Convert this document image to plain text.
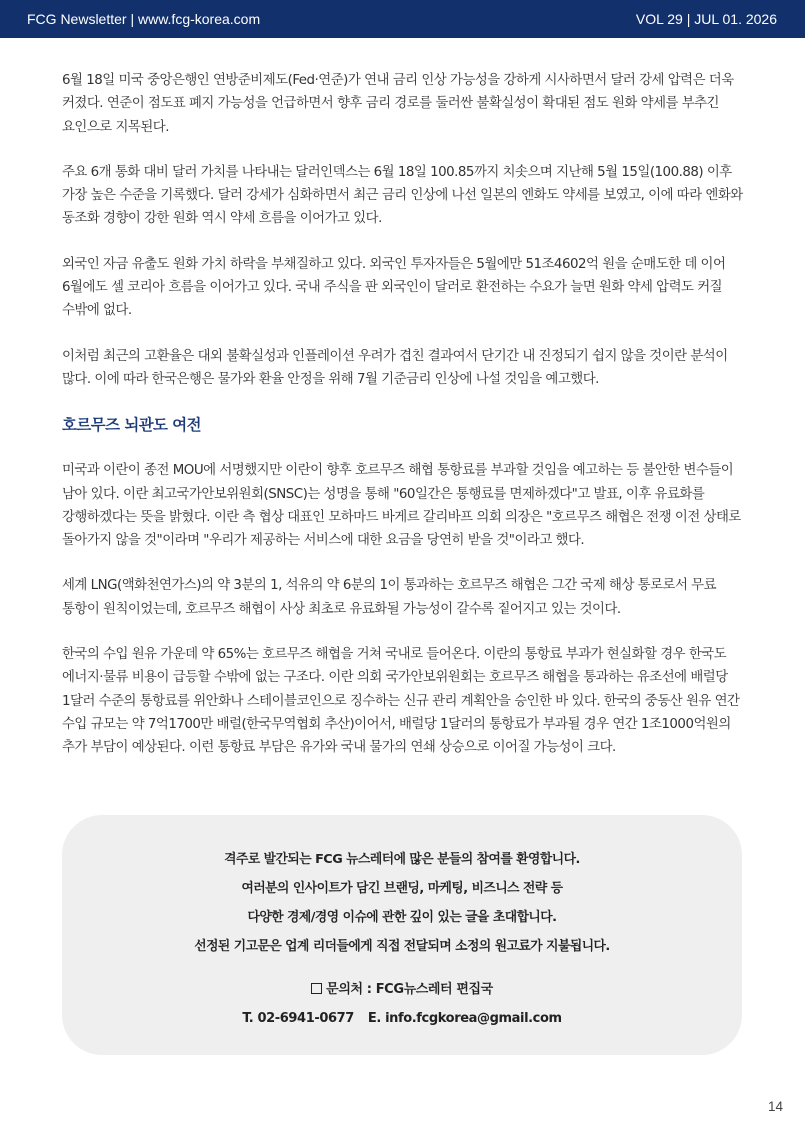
FCG Newsletter | www.fcg-korea.com	VOL 29 | JUL 01. 2026

6월 18일 미국 중앙은행인 연방준비제도(Fed·연준)가 연내 금리 인상 가능성을 강하게 시사하면서 달러 강세 압력은 더욱 커졌다. 연준이 점도표 폐지 가능성을 언급하면서 향후 금리 경로를 둘러싼 불확실성이 확대된 점도 원화 약세를 부추긴 요인으로 지목된다.

주요 6개 통화 대비 달러 가치를 나타내는 달러인덱스는 6월 18일 100.85까지 치솟으며 지난해 5월 15일(100.88) 이후 가장 높은 수준을 기록했다. 달러 강세가 심화하면서 최근 금리 인상에 나선 일본의 엔화도 약세를 보였고, 이에 따라 엔화와 동조화 경향이 강한 원화 역시 약세 흐름을 이어가고 있다.

외국인 자금 유출도 원화 가치 하락을 부채질하고 있다. 외국인 투자자들은 5월에만 51조4602억 원을 순매도한 데 이어 6월에도 셀 코리아 흐름을 이어가고 있다. 국내 주식을 판 외국인이 달러로 환전하는 수요가 늘면 원화 약세 압력도 커질 수밖에 없다.

이처럼 최근의 고환율은 대외 불확실성과 인플레이션 우려가 겹친 결과여서 단기간 내 진정되기 쉽지 않을 것이란 분석이 많다. 이에 따라 한국은행은 물가와 환율 안정을 위해 7월 기준금리 인상에 나설 것임을 예고했다.

호르무즈 뇌관도 여전

미국과 이란이 종전 MOU에 서명했지만 이란이 향후 호르무즈 해협 통항료를 부과할 것임을 예고하는 등 불안한 변수들이 남아 있다. 이란 최고국가안보위원회(SNSC)는 성명을 통해 "60일간은 통행료를 면제하겠다"고 발표, 이후 유료화를 강행하겠다는 뜻을 밝혔다. 이란 측 협상 대표인 모하마드 바게르 갈리바프 의회 의장은 "호르무즈 해협은 전쟁 이전 상태로 돌아가지 않을 것"이라며 "우리가 제공하는 서비스에 대한 요금을 당연히 받을 것"이라고 했다.

세계 LNG(액화천연가스)의 약 3분의 1, 석유의 약 6분의 1이 통과하는 호르무즈 해협은 그간 국제 해상 통로로서 무료 통항이 원칙이었는데, 호르무즈 해협이 사상 최초로 유료화될 가능성이 갈수록 짙어지고 있는 것이다.

한국의 수입 원유 가운데 약 65%는 호르무즈 해협을 거쳐 국내로 들어온다. 이란의 통항료 부과가 현실화할 경우 한국도 에너지·물류 비용이 급등할 수밖에 없는 구조다. 이란 의회 국가안보위원회는 호르무즈 해협을 통과하는 유조선에 배럴당 1달러 수준의 통항료를 위안화나 스테이블코인으로 징수하는 신규 관리 계획안을 승인한 바 있다. 한국의 중동산 원유 연간 수입 규모는 약 7억1700만 배럴(한국무역협회 추산)이어서, 배럴당 1달러의 통항료가 부과될 경우 연간 1조1000억원의 추가 부담이 예상된다. 이런 통항료 부담은 유가와 국내 물가의 연쇄 상승으로 이어질 가능성이 크다.

격주로 발간되는 FCG 뉴스레터에 많은 분들의 참여를 환영합니다.
여러분의 인사이트가 담긴 브랜딩, 마케팅, 비즈니스 전략 등
다양한 경제/경영 이슈에 관한 깊이 있는 글을 초대합니다.
선정된 기고문은 업계 리더들에게 직접 전달되며 소정의 원고료가 지불됩니다.
문의처 : FCG뉴스레터 편집국
T. 02-6941-0677 E. info.fcgkorea@gmail.com
14
